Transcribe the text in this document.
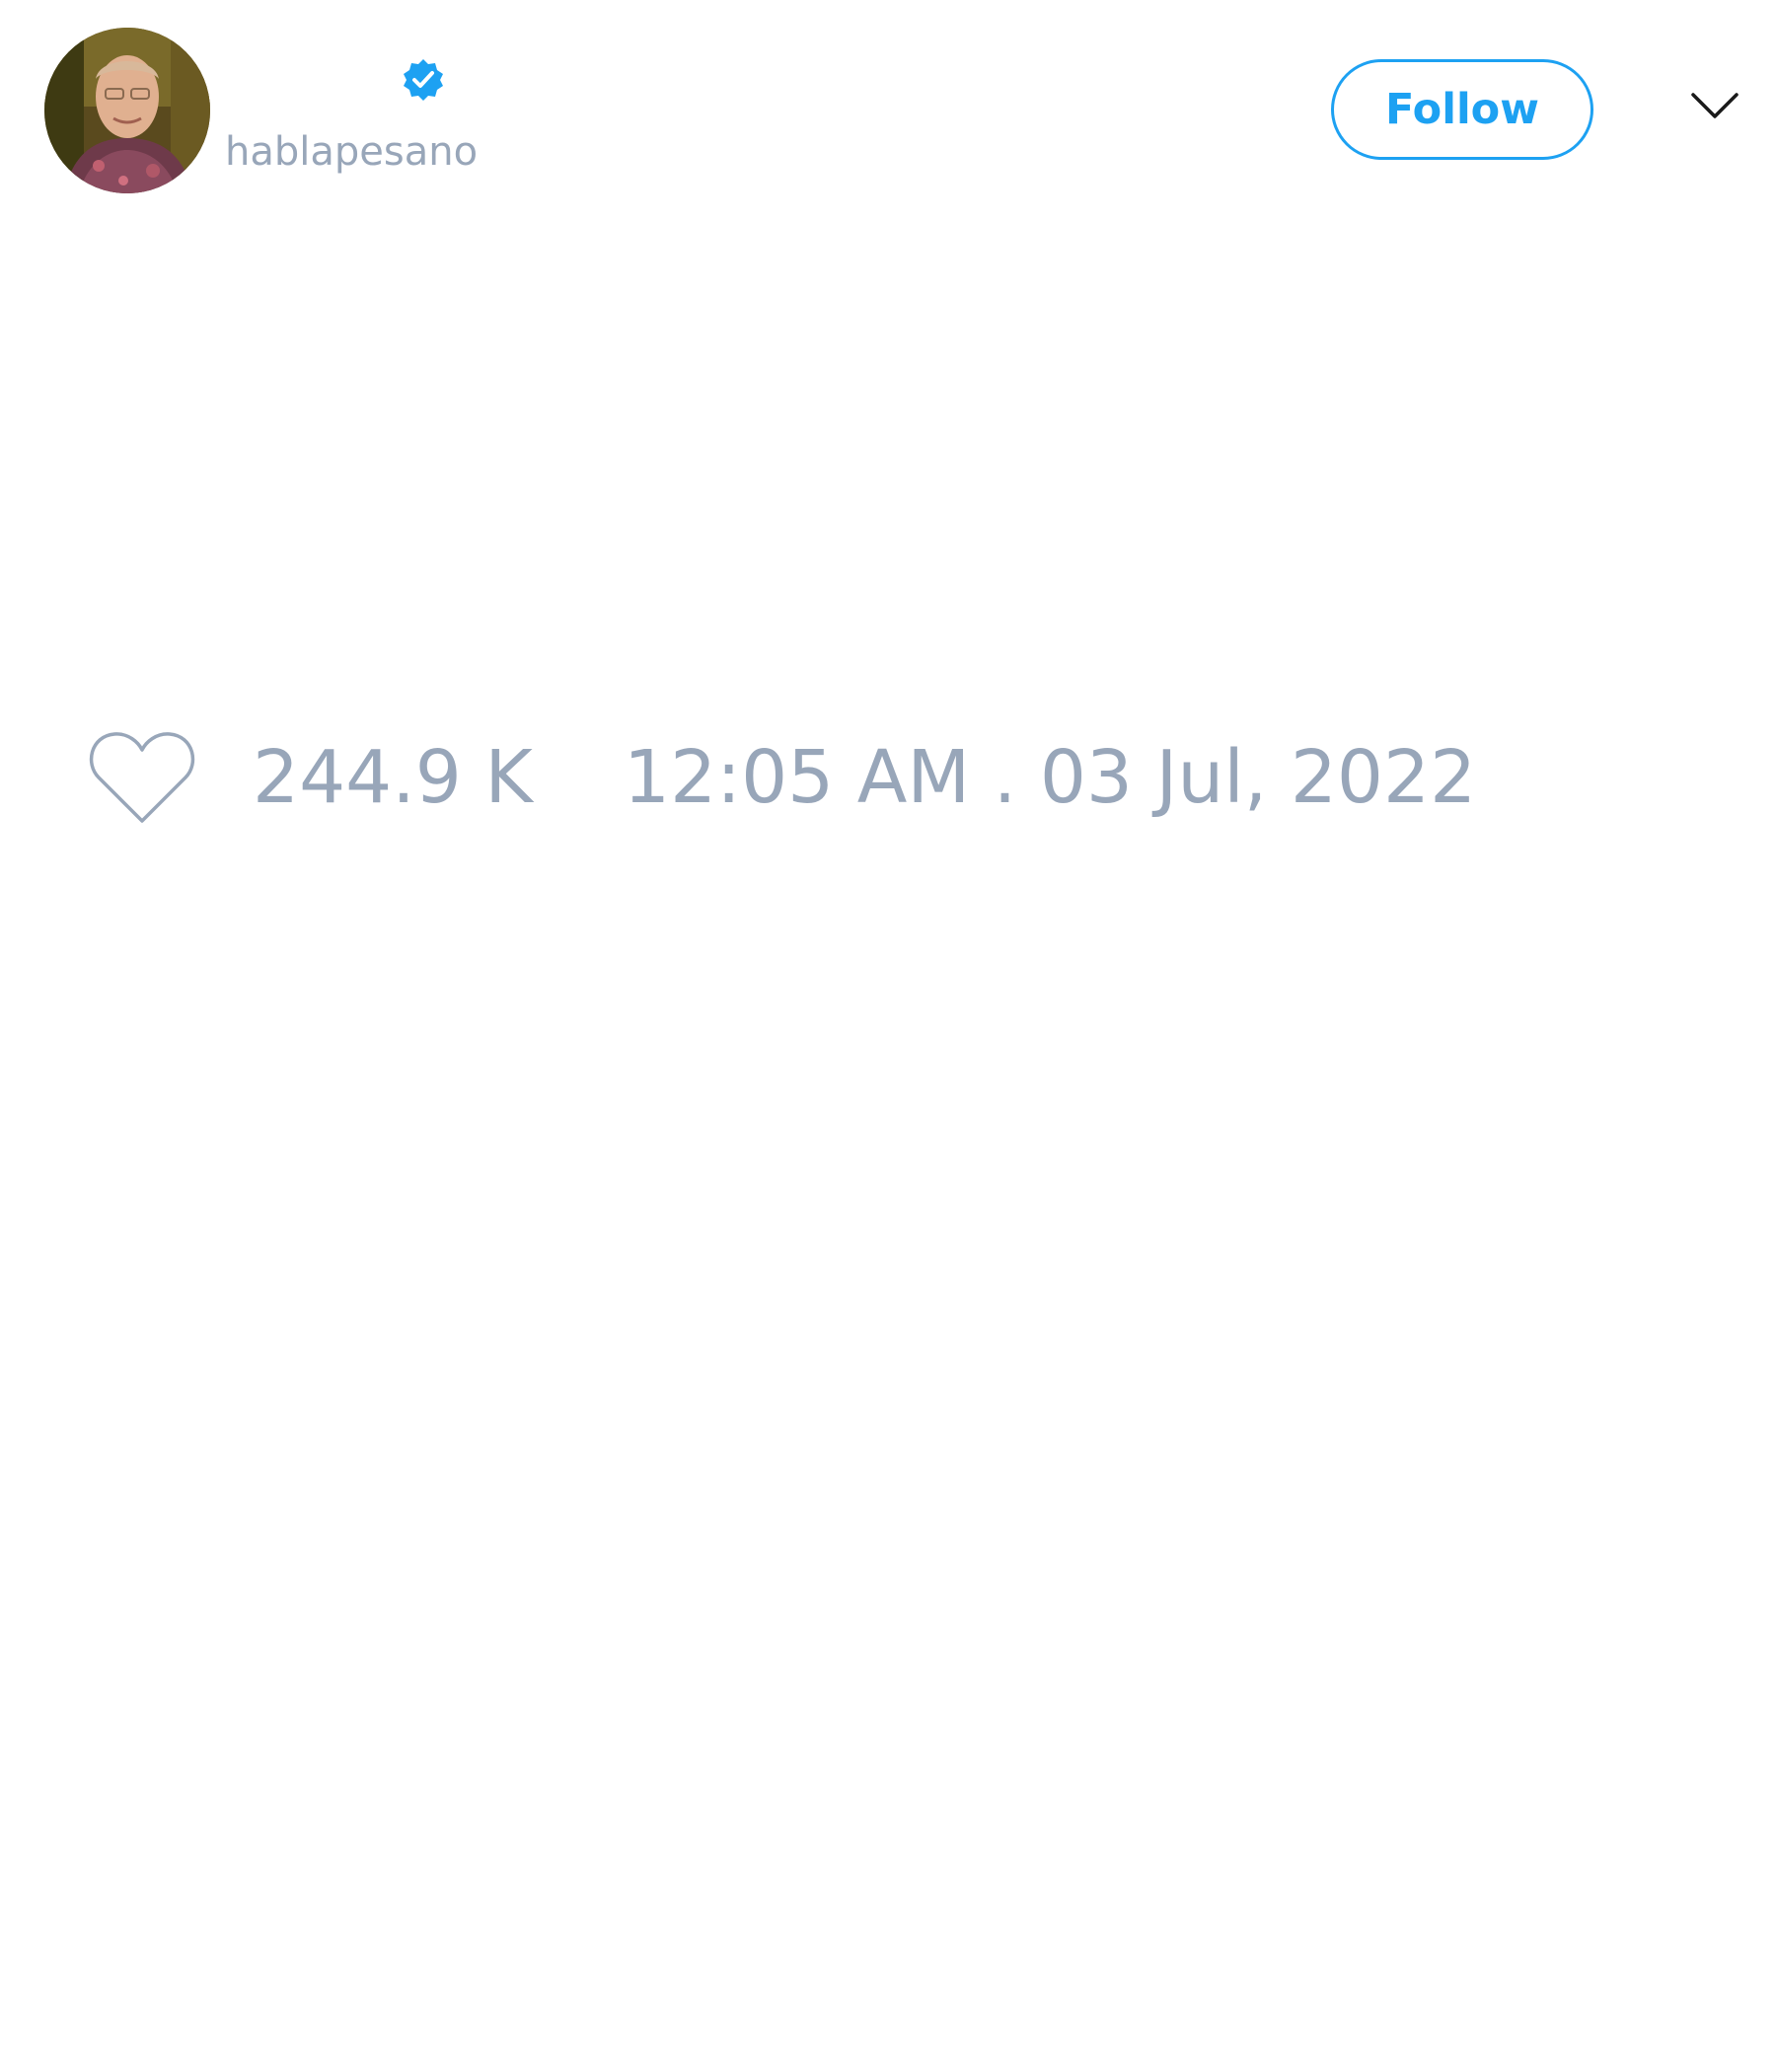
hablapesano
Follow
244.9 K 12:05 AM . 03 Jul, 2022
